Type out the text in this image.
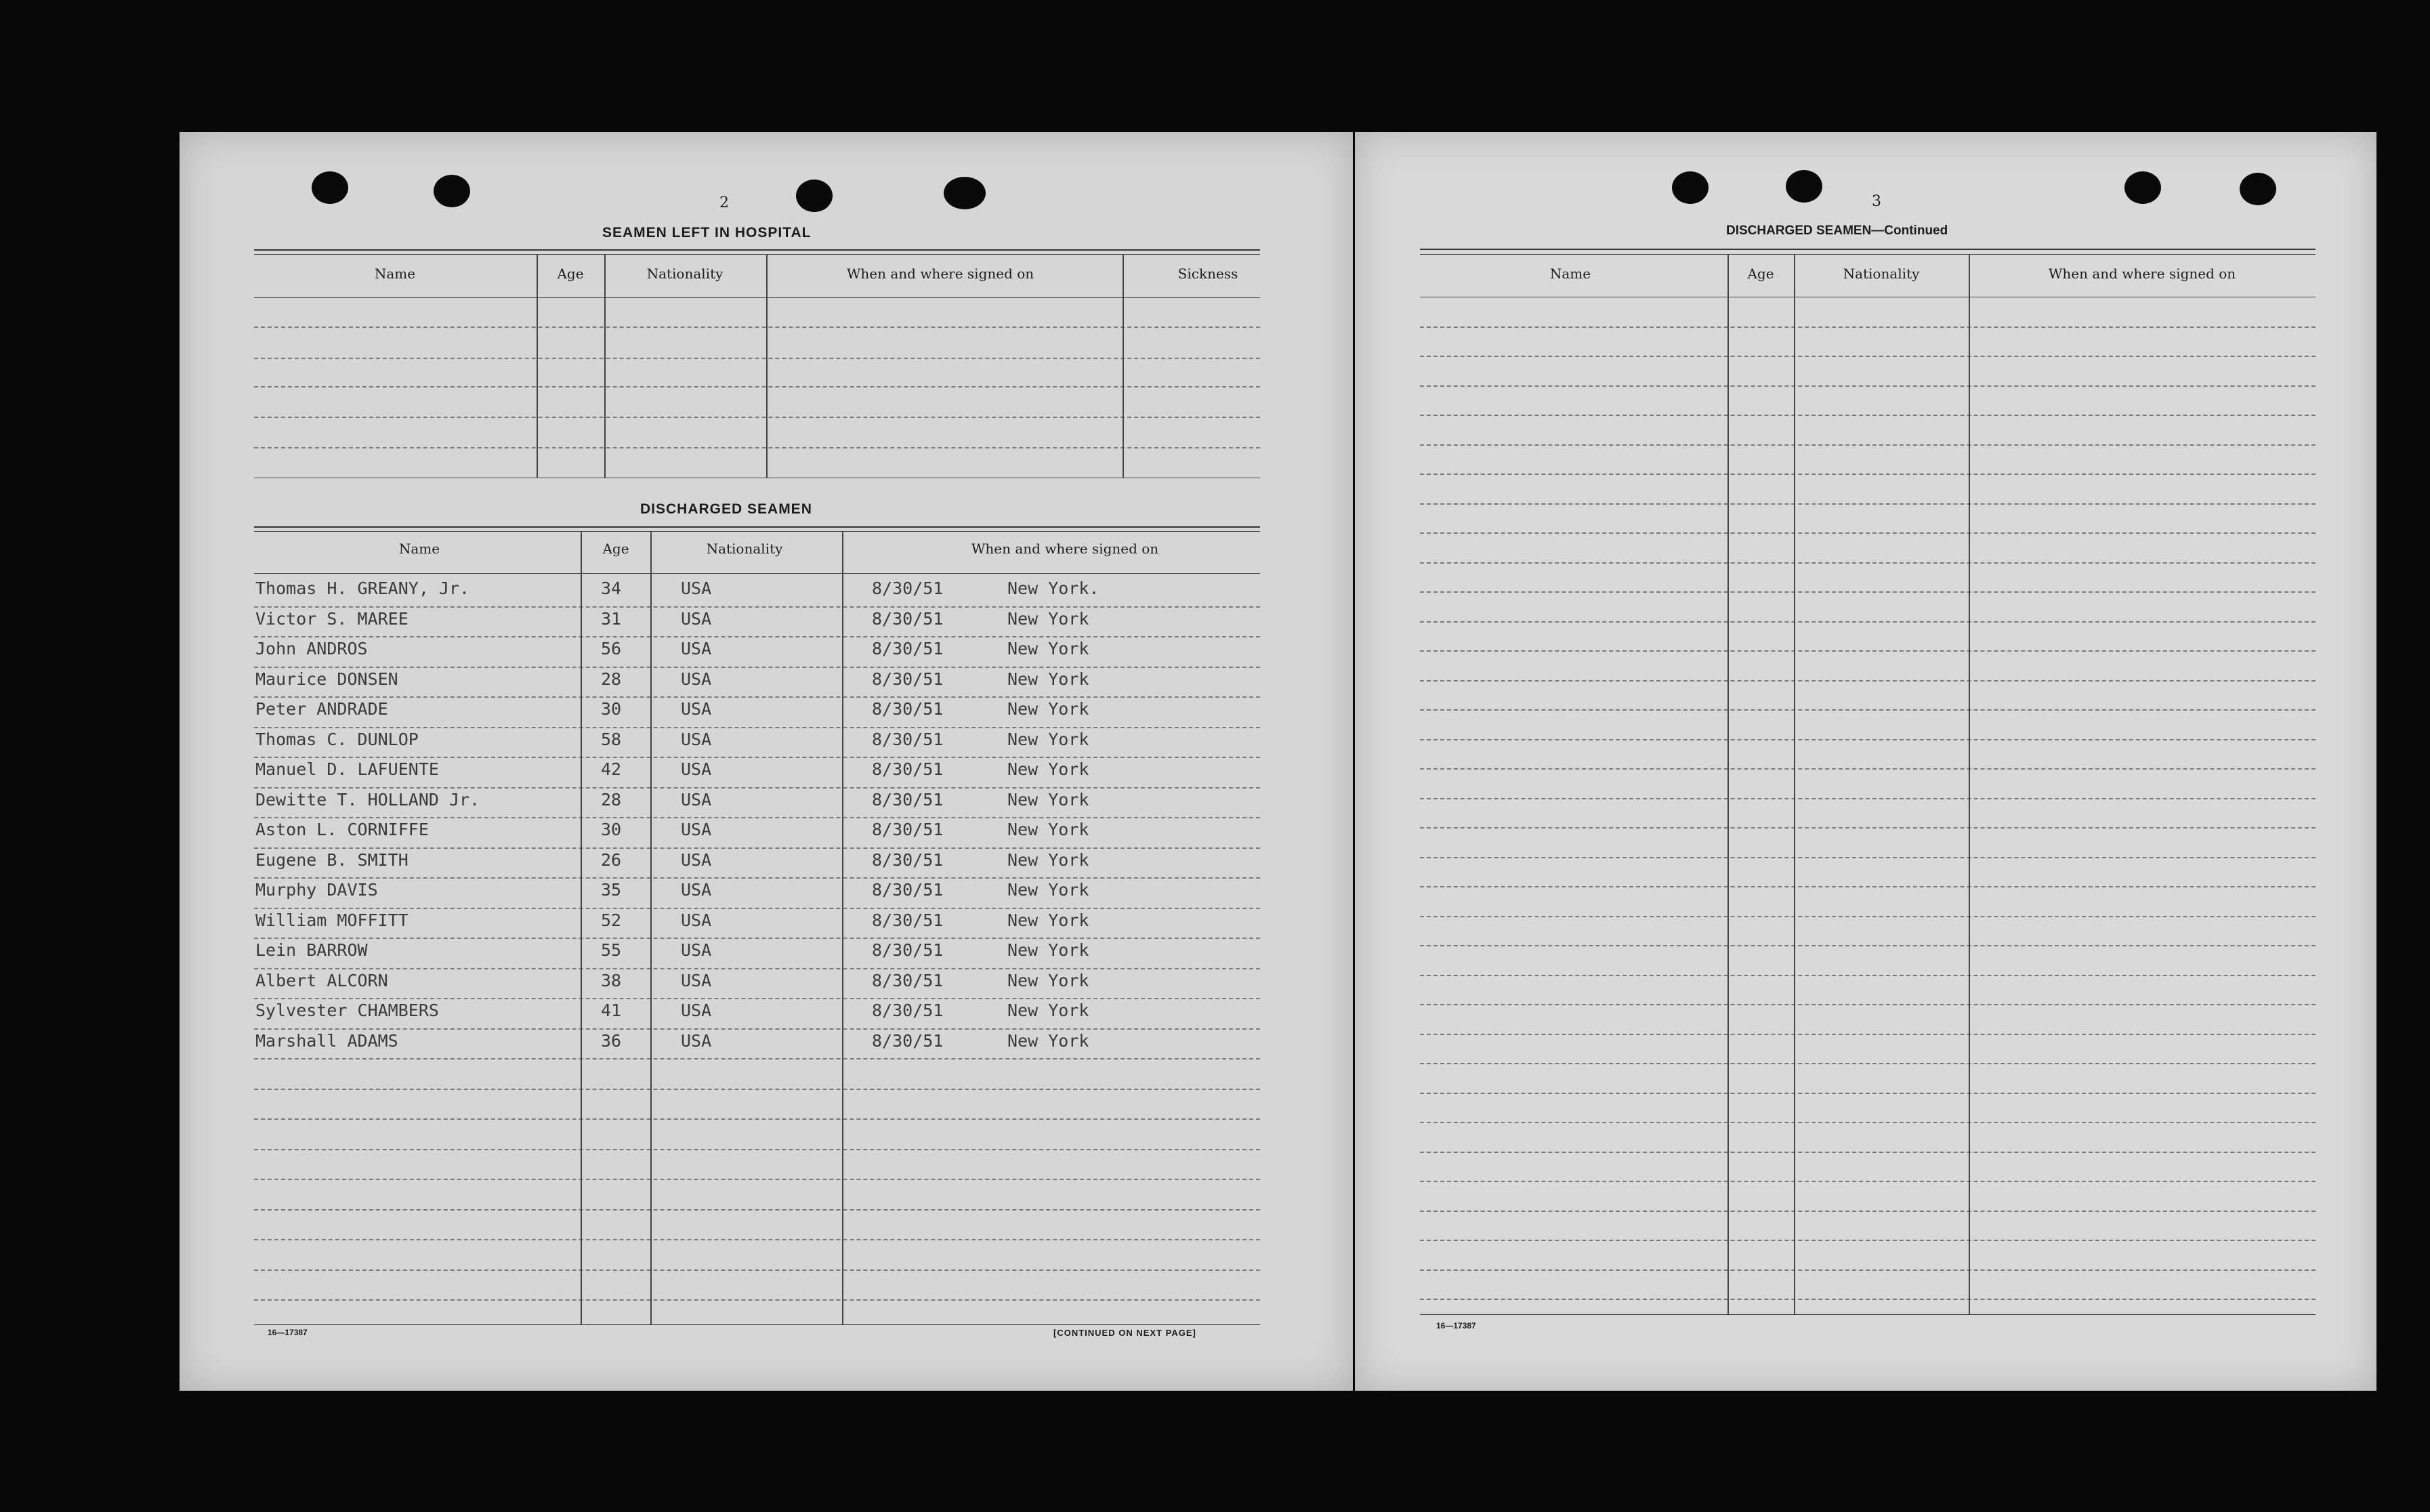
2
SEAMEN LEFT IN HOSPITAL
Name	Age	Nationality	When and where signed on	Sickness
DISCHARGED SEAMEN
Name	Age	Nationality	When and where signed on
Thomas H. GREANY, Jr.	34	USA	8/30/51	New York.
Victor S. MAREE	31	USA	8/30/51	New York
John ANDROS	56	USA	8/30/51	New York
Maurice DONSEN	28	USA	8/30/51	New York
Peter ANDRADE	30	USA	8/30/51	New York
Thomas C. DUNLOP	58	USA	8/30/51	New York
Manuel D. LAFUENTE	42	USA	8/30/51	New York
Dewitte T. HOLLAND Jr.	28	USA	8/30/51	New York
Aston L. CORNIFFE	30	USA	8/30/51	New York
Eugene B. SMITH	26	USA	8/30/51	New York
Murphy DAVIS	35	USA	8/30/51	New York
William MOFFITT	52	USA	8/30/51	New York
Lein BARROW	55	USA	8/30/51	New York
Albert ALCORN	38	USA	8/30/51	New York
Sylvester CHAMBERS	41	USA	8/30/51	New York
Marshall ADAMS	36	USA	8/30/51	New York
16—17387	[CONTINUED ON NEXT PAGE]
3
DISCHARGED SEAMEN—Continued
Name	Age	Nationality	When and where signed on
16—17387
